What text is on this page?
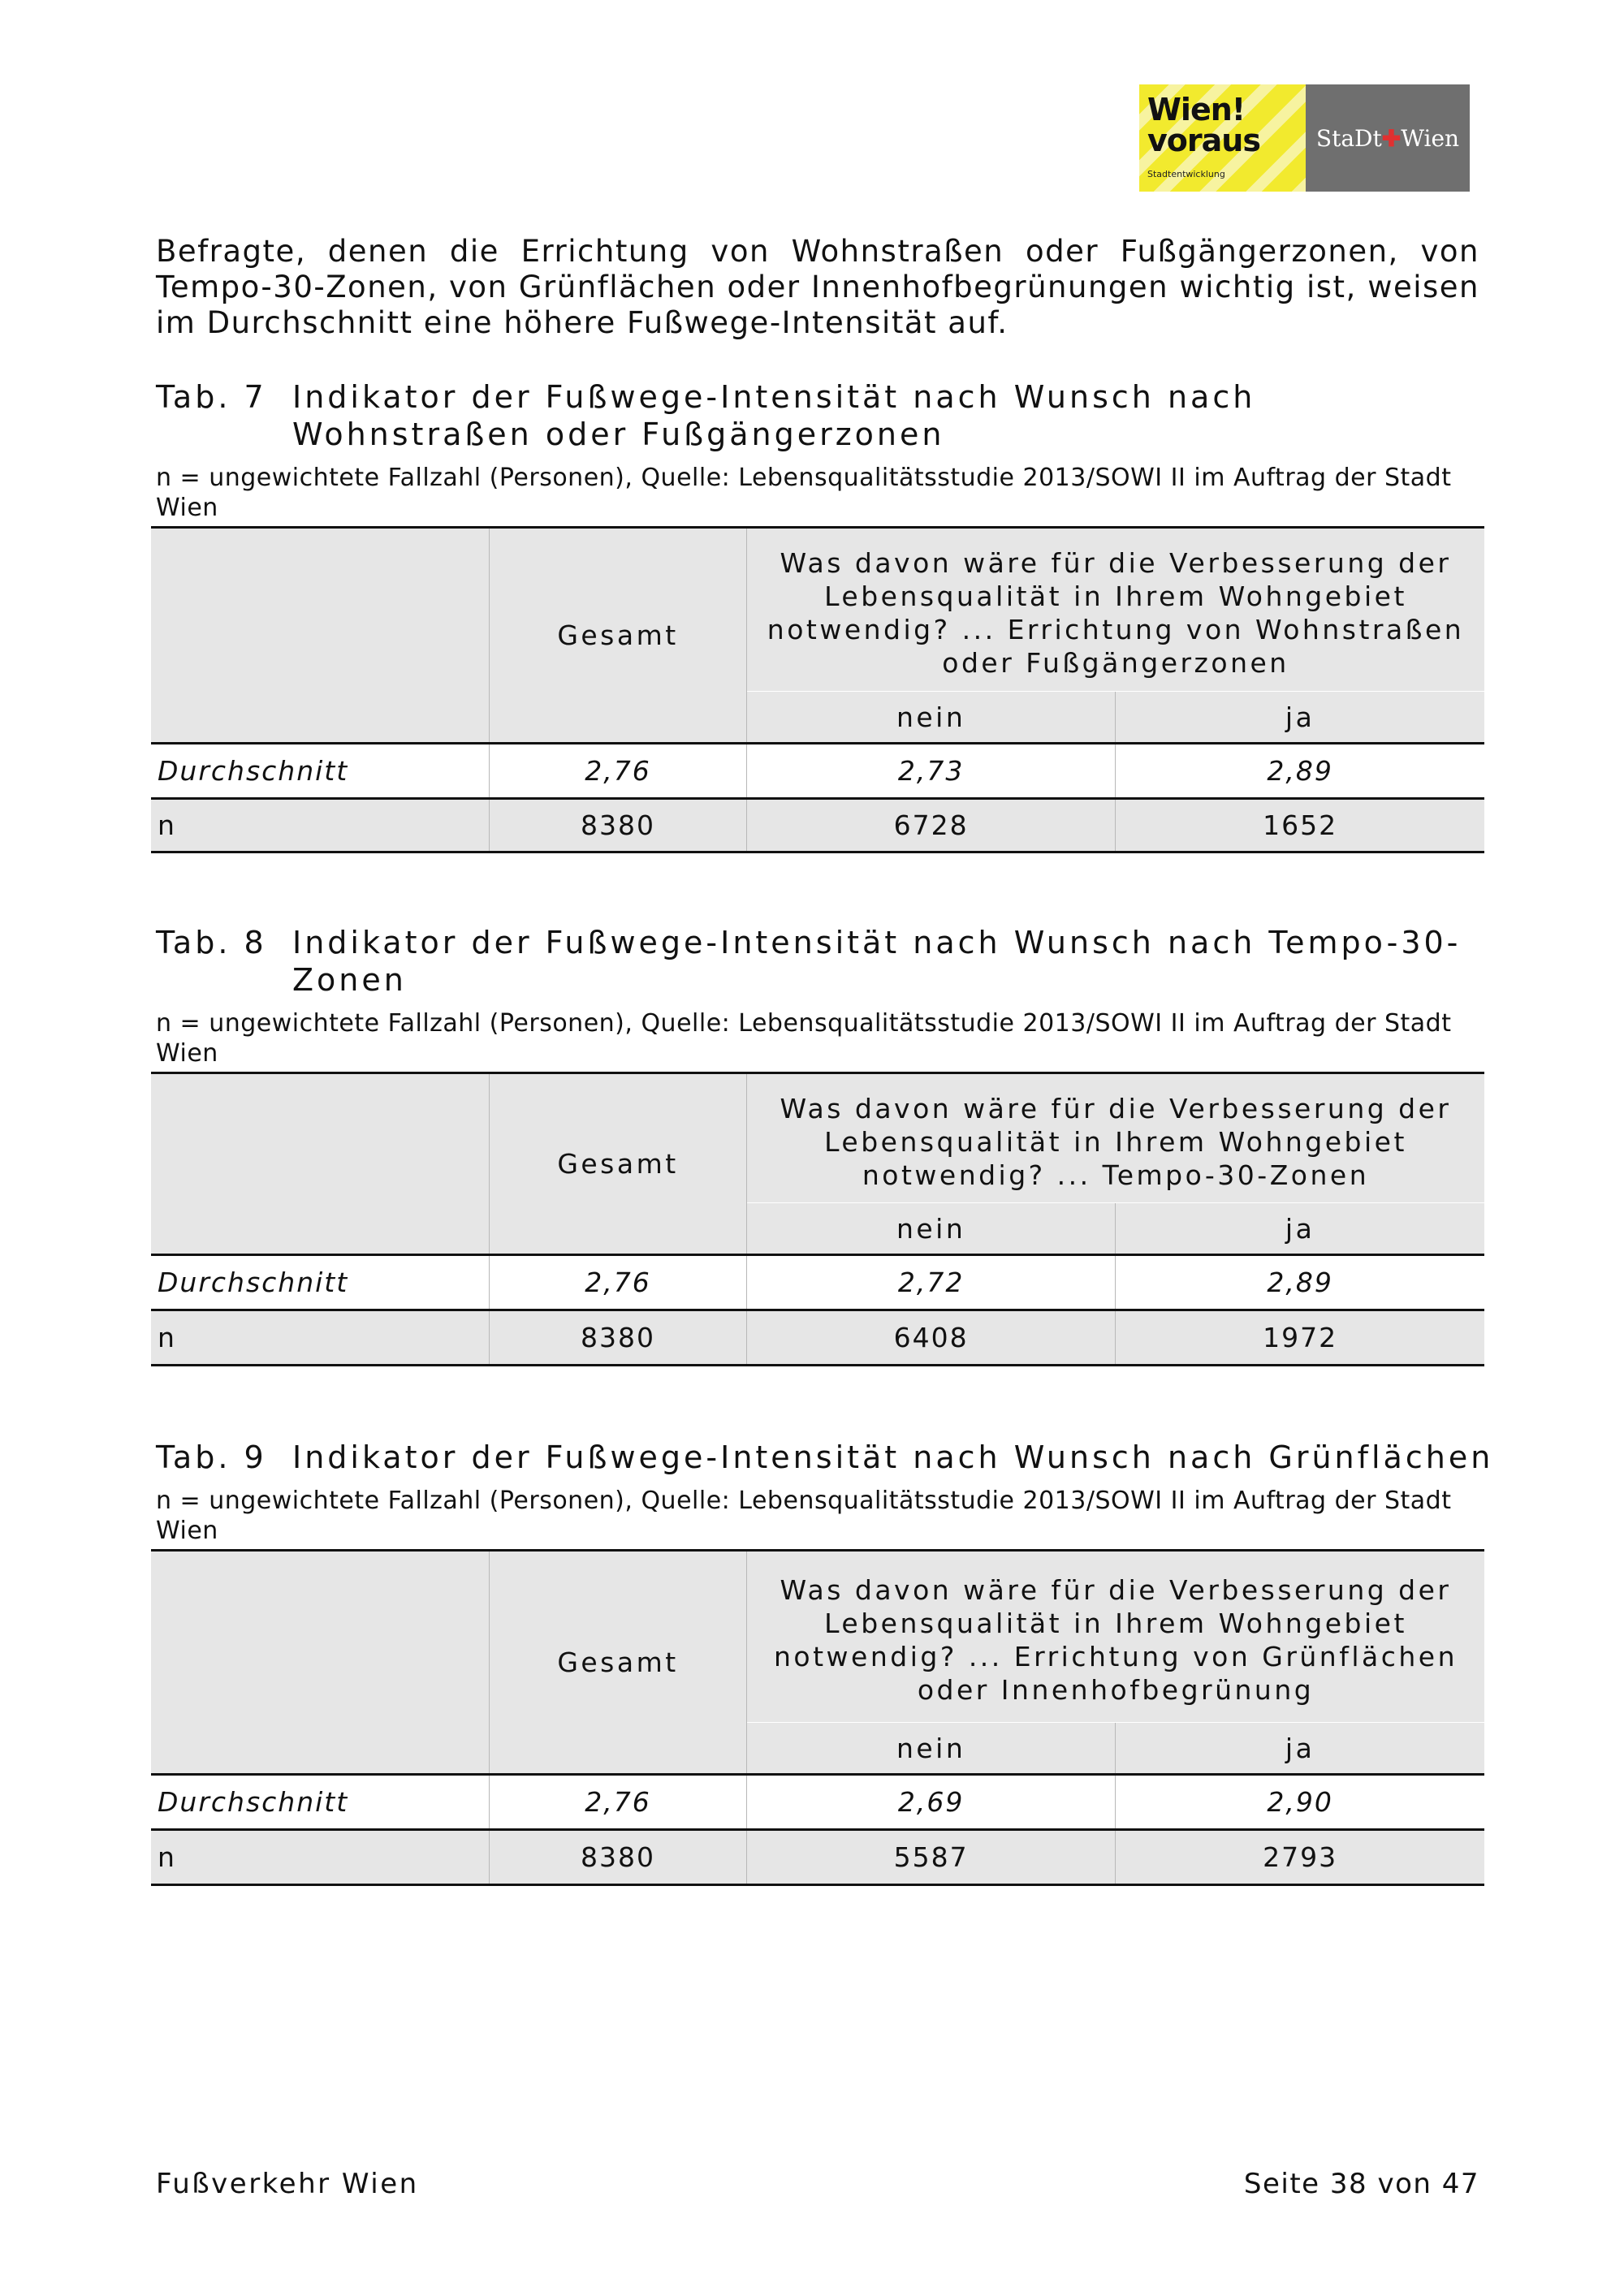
Wien!
voraus
Stadtentwicklung
StaDt ✚ Wien

Befragte, denen die Errichtung von Wohnstraßen oder Fußgängerzonen, von Tempo-30-Zonen, von Grünflächen oder Innenhofbegrünungen wichtig ist, weisen im Durchschnitt eine höhere Fußwege-Intensität auf.

Tab. 7 Indikator der Fußwege-Intensität nach Wunsch nach Wohnstraßen oder Fußgängerzonen
n = ungewichtete Fallzahl (Personen), Quelle: Lebensqualitätsstudie 2013/SOWI II im Auftrag der Stadt Wien
	Gesamt	Was davon wäre für die Verbesserung der Lebensqualität in Ihrem Wohngebiet notwendig? ... Errichtung von Wohnstraßen oder Fußgängerzonen	
		nein	ja
Durchschnitt	2,76	2,73	2,89
n	8380	6728	1652
Tab. 8 Indikator der Fußwege-Intensität nach Wunsch nach Tempo-30-Zonen
n = ungewichtete Fallzahl (Personen), Quelle: Lebensqualitätsstudie 2013/SOWI II im Auftrag der Stadt Wien
	Gesamt	Was davon wäre für die Verbesserung der Lebensqualität in Ihrem Wohngebiet notwendig? ... Tempo-30-Zonen	
		nein	ja
Durchschnitt	2,76	2,72	2,89
n	8380	6408	1972
Tab. 9 Indikator der Fußwege-Intensität nach Wunsch nach Grünflächen
n = ungewichtete Fallzahl (Personen), Quelle: Lebensqualitätsstudie 2013/SOWI II im Auftrag der Stadt Wien
	Gesamt	Was davon wäre für die Verbesserung der Lebensqualität in Ihrem Wohngebiet notwendig? ... Errichtung von Grünflächen oder Innenhofbegrünung	
		nein	ja
Durchschnitt	2,76	2,69	2,90
n	8380	5587	2793
Fußverkehr Wien	Seite 38 von 47
